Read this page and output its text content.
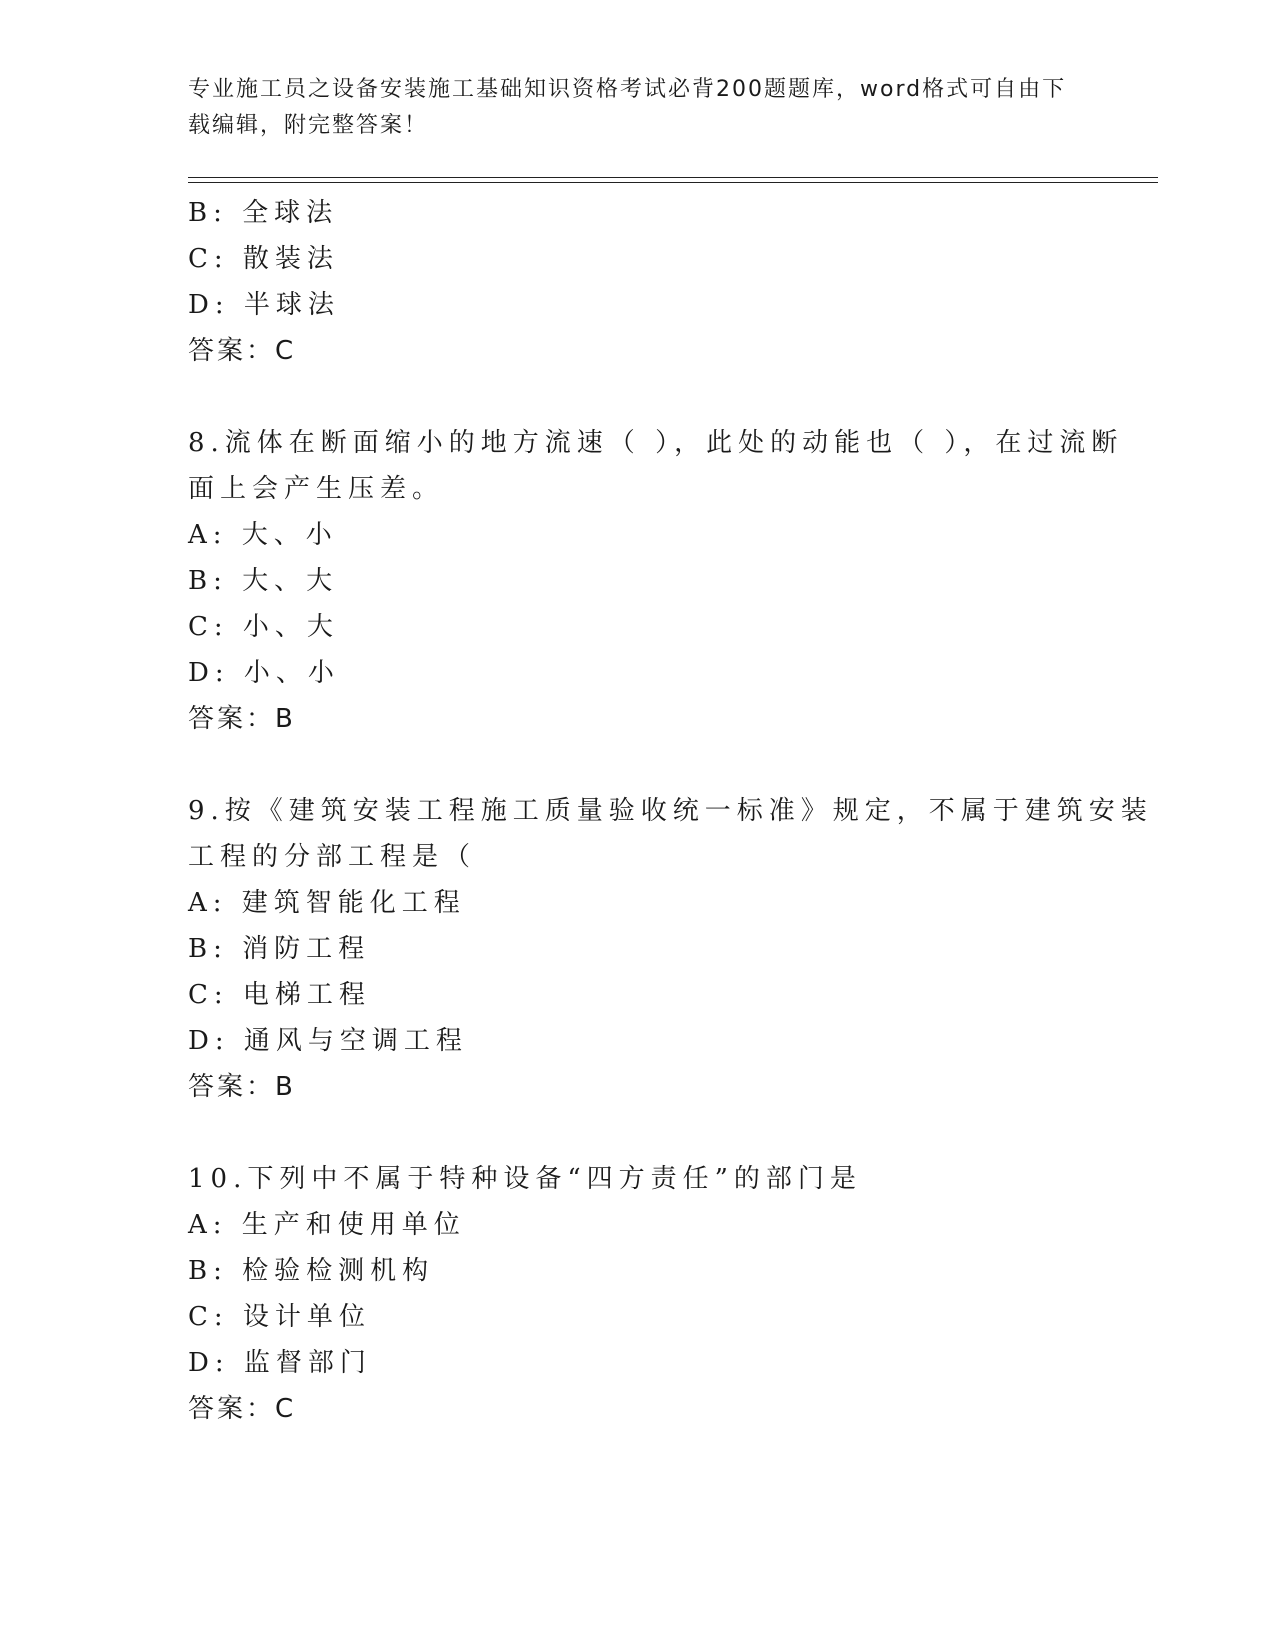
专业施工员之设备安装施工基础知识资格考试必背200题题库，word格式可自由下载编辑，附完整答案！
B: 全球法
C: 散装法
D: 半球法
答案：C
8.流体在断面缩小的地方流速（ ），此处的动能也（ ），在过流断
面上会产生压差。
A: 大、小
B: 大、大
C: 小、大
D: 小、小
答案：B
9.按《建筑安装工程施工质量验收统一标准》规定，不属于建筑安装
工程的分部工程是（
A: 建筑智能化工程
B: 消防工程
C: 电梯工程
D: 通风与空调工程
答案：B
10.下列中不属于特种设备“四方责任”的部门是
A: 生产和使用单位
B: 检验检测机构
C: 设计单位
D: 监督部门
答案：C
